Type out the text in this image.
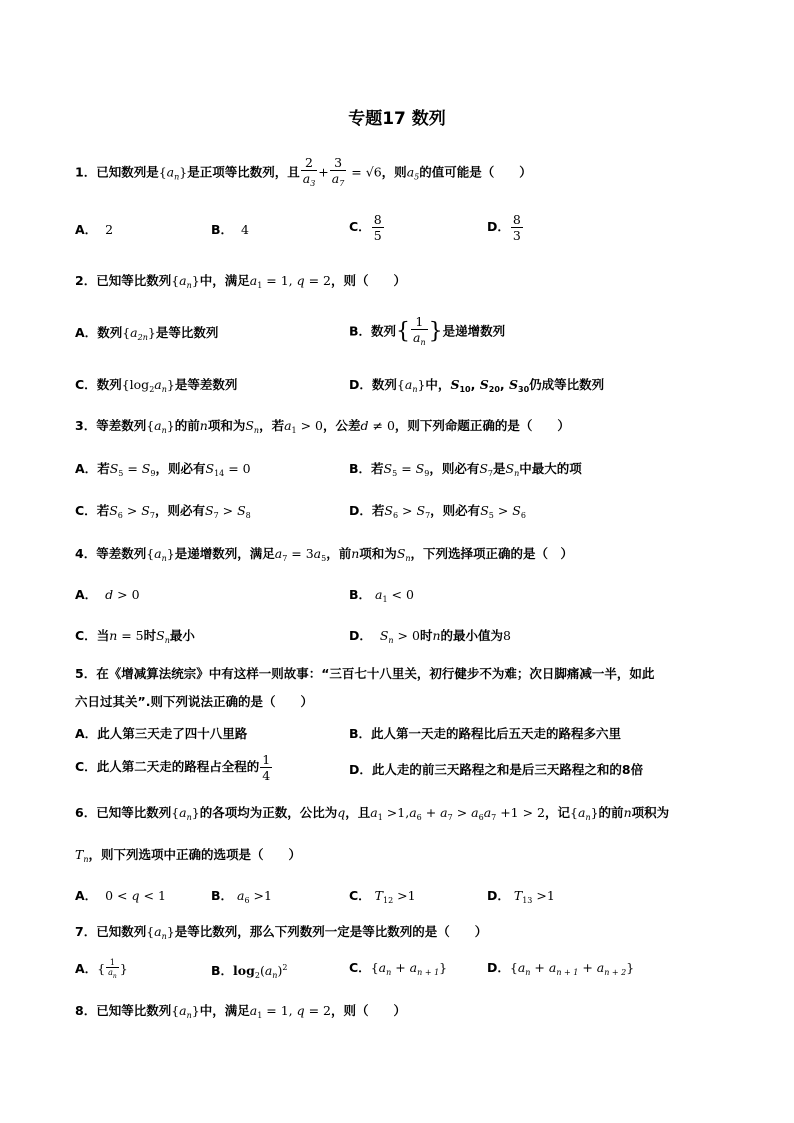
专题17 数列
1．已知数列是$\{a_n\}$是正项等比数列，且 $\frac{2}{a_3} + \frac{3}{a_7} = √6$，则$a_5$的值可能是（　　）
A． 2	B． 4	C． $\frac{8}{5}$	D． $\frac{8}{3}$
2．已知等比数列$\{a_n\}$中，满足$a_1 = 1$, q = 2，则（　　）
A．数列$\{a_{2n}\}$是等比数列	B．数列{ $\frac{1}{a_n}$ }是递增数列
C．数列$\{\log_2a_n\}$是等差数列	D．数列$\{a_n\}$中，$S_{10}$, $S_{20}$, $S_{30}$仍成等比数列
3．等差数列$\{a_n\}$的前n项和为$S_n$，若$a_1 > 0$，公差d ≠ 0，则下列命题正确的是（　　）
A．若$S_5 = S_9$，则必有$S_{14} = 0$	B．若$S_5 = S_9$，则必有$S_7$是$S_n$中最大的项
C．若$S_6 > S_7$，则必有$S_7 > S_8$	D．若$S_6 > S_7$，则必有$S_5 > S_6$
4．等差数列$\{a_n\}$是递增数列，满足$a_7 = 3a_5$，前n项和为$S_n$，下列选择项正确的是（　）
A． d > 0	B． $a_1 < 0$
C．当n = 5时$S_n$最小	D． $S_n > 0$时n的最小值为8
5．在《增减算法统宗》中有这样一则故事：“三百七十八里关，初行健步不为难；次日脚痛减一半，如此
六日过其关”.则下列说法正确的是（　　）
A．此人第三天走了四十八里路	B．此人第一天走的路程比后五天走的路程多六里
C．此人第二天走的路程占全程的 $\frac{1}{4}$	D．此人走的前三天路程之和是后三天路程之和的8倍
6．已知等比数列$\{a_n\}$的各项均为正数，公比为q，且$a_1 >1,a_6 + a_7 > a_6a_7 +1 > 2$，记$\{a_n\}$的前n项积为
$T_n$，则下列选项中正确的选项是（　　）
A．  0 < q < 1	B． $a_6 >1$	C． $T_{12} >1$	D． $T_{13} >1$
7．已知数列$\{a_n\}$是等比数列，那么下列数列一定是等比数列的是（　　）
A．{ $\frac{1}{a_n}$ }	B．$\log_2(a_n)^2$	C．$\{a_n + a_{n + 1}\}$	D．$\{a_n + a_{n + 1} + a_{n + 2}\}$
8．已知等比数列$\{a_n\}$中，满足$a_1 = 1$, q = 2，则（　　）
